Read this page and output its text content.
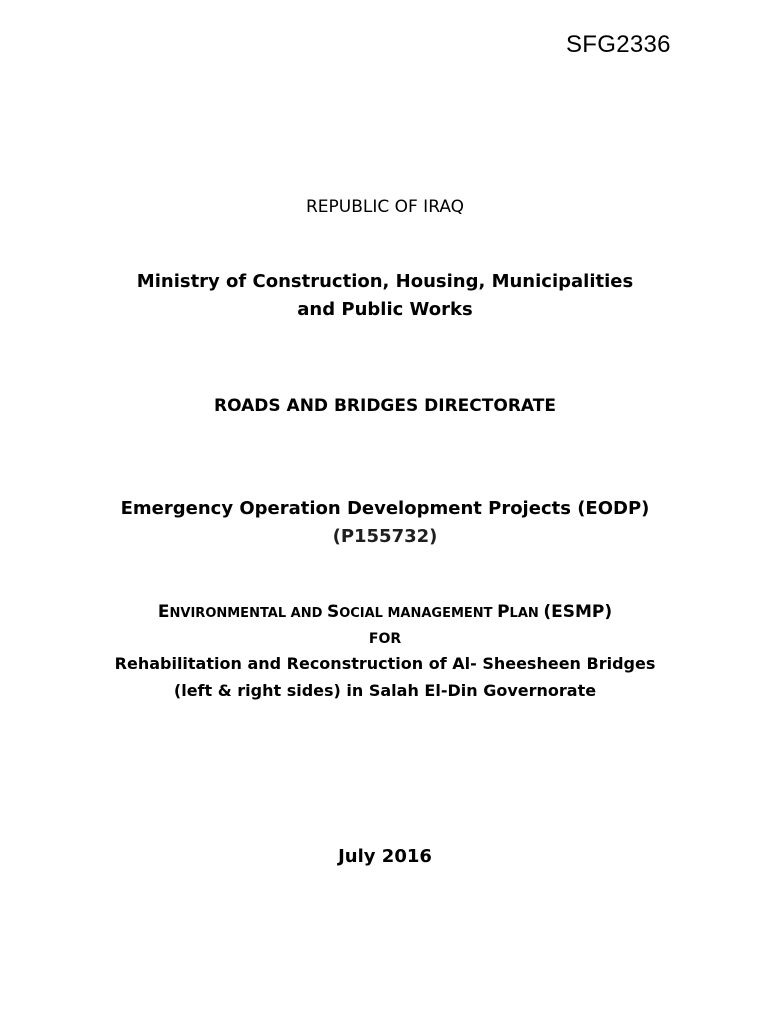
SFG2336
REPUBLIC OF IRAQ
Ministry of Construction, Housing, Municipalities
and Public Works
ROADS AND BRIDGES DIRECTORATE
Emergency Operation Development Projects (EODP)
(P155732)
ENVIRONMENTAL AND SOCIAL MANAGEMENT PLAN (ESMP)
FOR
Rehabilitation and Reconstruction of Al- Sheesheen Bridges
(left & right sides) in Salah El-Din Governorate
July 2016
